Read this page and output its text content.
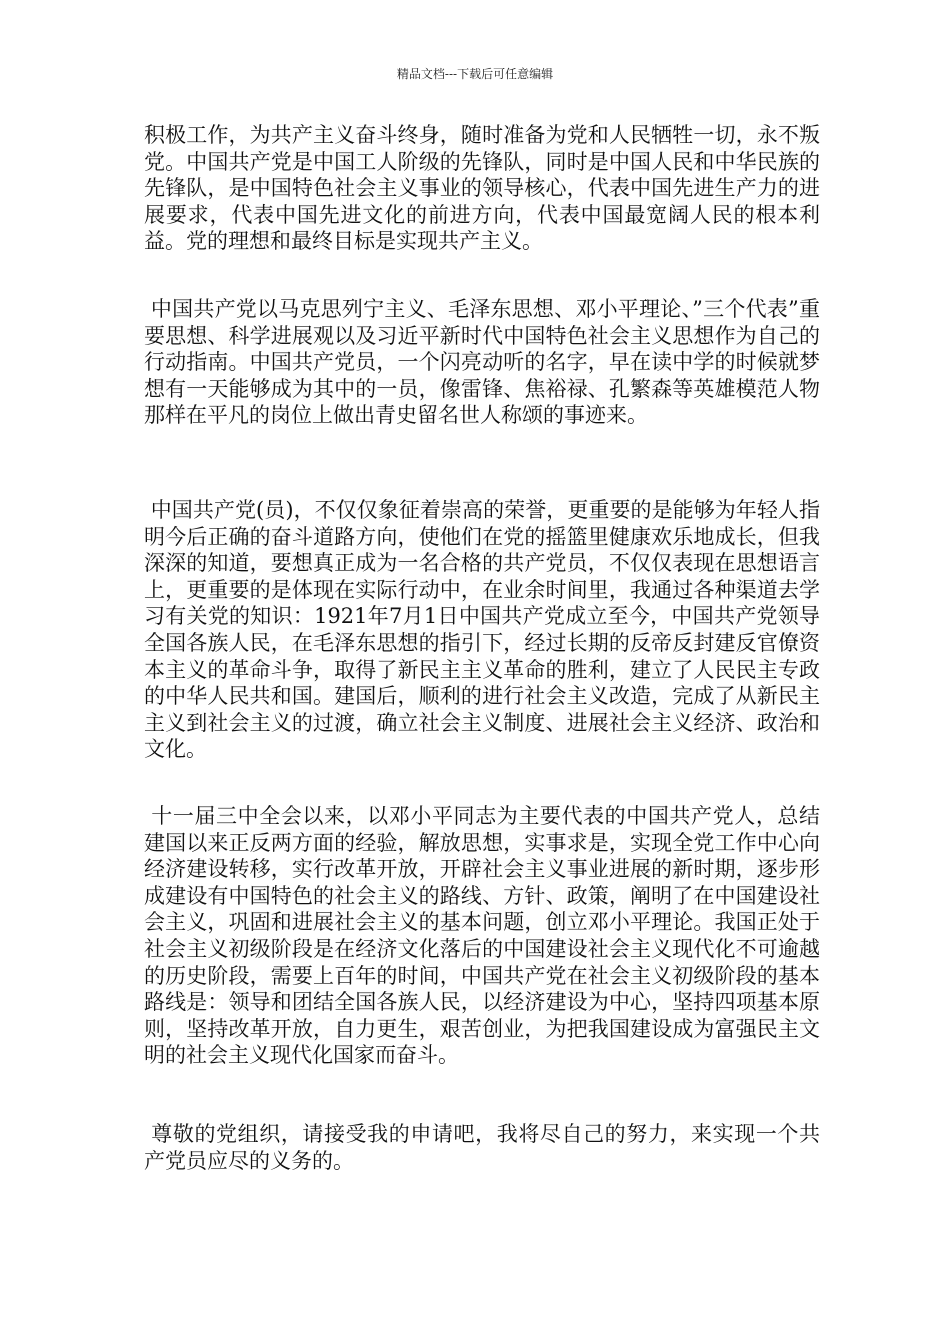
精品文档---下载后可任意编辑

积极工作，为共产主义奋斗终身，随时准备为党和人民牺牲一切，永不叛党。中国共产党是中国工人阶级的先锋队，同时是中国人民和中华民族的先锋队，是中国特色社会主义事业的领导核心，代表中国先进生产力的进展要求，代表中国先进文化的前进方向，代表中国最宽阔人民的根本利益。党的理想和最终目标是实现共产主义。

中国共产党以马克思列宁主义、毛泽东思想、邓小平理论、”三个代表”重要思想、科学进展观以及习近平新时代中国特色社会主义思想作为自己的行动指南。中国共产党员，一个闪亮动听的名字，早在读中学的时候就梦想有一天能够成为其中的一员，像雷锋、焦裕禄、孔繁森等英雄模范人物那样在平凡的岗位上做出青史留名世人称颂的事迹来。

中国共产党(员)，不仅仅象征着崇高的荣誉，更重要的是能够为年轻人指明今后正确的奋斗道路方向，使他们在党的摇篮里健康欢乐地成长，但我深深的知道，要想真正成为一名合格的共产党员，不仅仅表现在思想语言上，更重要的是体现在实际行动中，在业余时间里，我通过各种渠道去学习有关党的知识：1921年7月1日中国共产党成立至今，中国共产党领导全国各族人民，在毛泽东思想的指引下，经过长期的反帝反封建反官僚资本主义的革命斗争，取得了新民主主义革命的胜利，建立了人民民主专政的中华人民共和国。建国后，顺利的进行社会主义改造，完成了从新民主主义到社会主义的过渡，确立社会主义制度、进展社会主义经济、政治和文化。

十一届三中全会以来，以邓小平同志为主要代表的中国共产党人，总结建国以来正反两方面的经验，解放思想，实事求是，实现全党工作中心向经济建设转移，实行改革开放，开辟社会主义事业进展的新时期，逐步形成建设有中国特色的社会主义的路线、方针、政策，阐明了在中国建设社会主义，巩固和进展社会主义的基本问题，创立邓小平理论。我国正处于社会主义初级阶段是在经济文化落后的中国建设社会主义现代化不可逾越的历史阶段，需要上百年的时间，中国共产党在社会主义初级阶段的基本路线是：领导和团结全国各族人民，以经济建设为中心，坚持四项基本原则，坚持改革开放，自力更生，艰苦创业，为把我国建设成为富强民主文明的社会主义现代化国家而奋斗。

尊敬的党组织，请接受我的申请吧，我将尽自己的努力，来实现一个共产党员应尽的义务的。
